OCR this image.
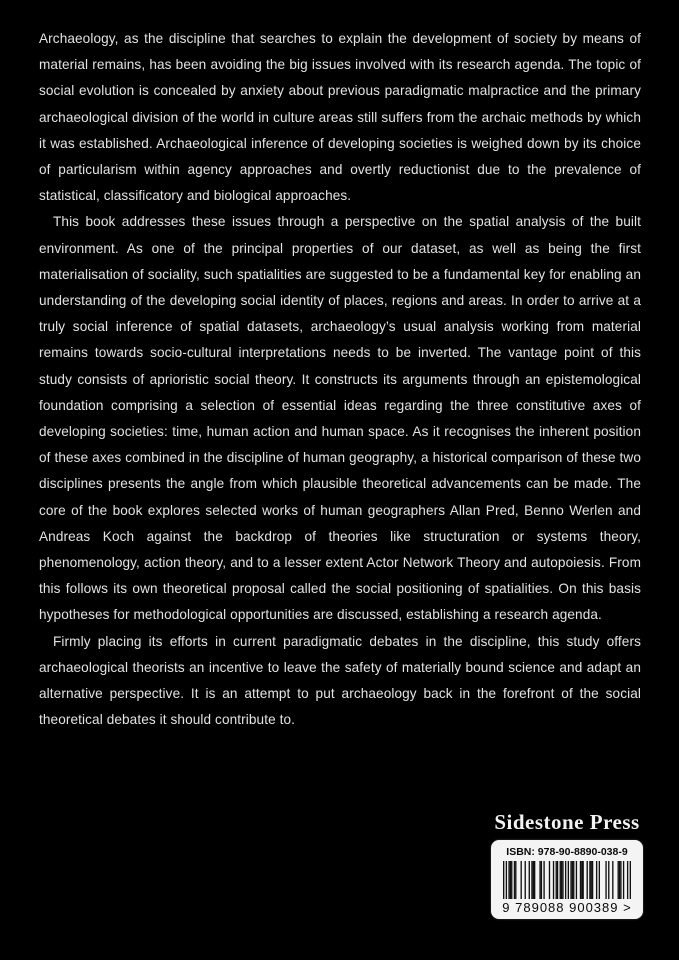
Archaeology, as the discipline that searches to explain the development of society by means of material remains, has been avoiding the big issues involved with its research agenda. The topic of social evolution is concealed by anxiety about previous paradigmatic malpractice and the primary archaeological division of the world in culture areas still suffers from the archaic methods by which it was established. Archaeological inference of developing societies is weighed down by its choice of particularism within agency approaches and overtly reductionist due to the prevalence of statistical, classificatory and biological approaches.

This book addresses these issues through a perspective on the spatial analysis of the built environment. As one of the principal properties of our dataset, as well as being the first materialisation of sociality, such spatialities are suggested to be a fundamental key for enabling an understanding of the developing social identity of places, regions and areas. In order to arrive at a truly social inference of spatial datasets, archaeology’s usual analysis working from material remains towards socio-cultural interpretations needs to be inverted. The vantage point of this study consists of aprioristic social theory. It constructs its arguments through an epistemological foundation comprising a selection of essential ideas regarding the three constitutive axes of developing societies: time, human action and human space. As it recognises the inherent position of these axes combined in the discipline of human geography, a historical comparison of these two disciplines presents the angle from which plausible theoretical advancements can be made. The core of the book explores selected works of human geographers Allan Pred, Benno Werlen and Andreas Koch against the backdrop of theories like structuration or systems theory, phenomenology, action theory, and to a lesser extent Actor Network Theory and autopoiesis. From this follows its own theoretical proposal called the social positioning of spatialities. On this basis hypotheses for methodological opportunities are discussed, establishing a research agenda.

Firmly placing its efforts in current paradigmatic debates in the discipline, this study offers archaeological theorists an incentive to leave the safety of materially bound science and adapt an alternative perspective. It is an attempt to put archaeology back in the forefront of the social theoretical debates it should contribute to.

Sidestone Press
ISBN: 978-90-8890-038-9
9 789088 900389 >
